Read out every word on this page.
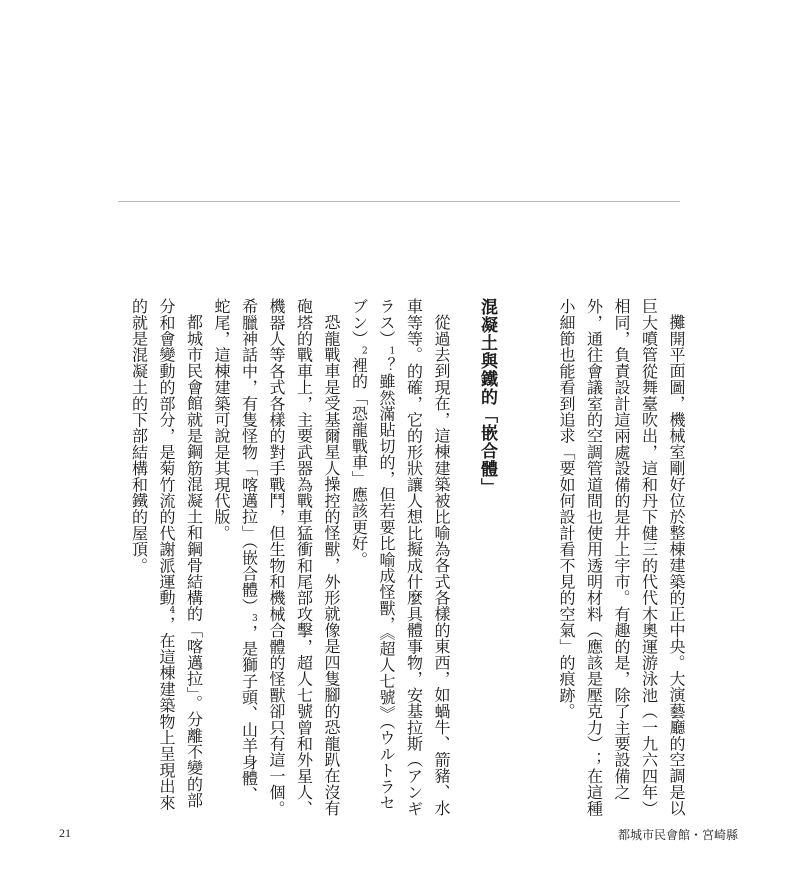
攤開平面圖，機械室剛好位於整棟建築的正中央。大演藝廳的空調是以巨大噴管從舞臺吹出，這和丹下健三的代代木奧運游泳池（一九六四年）相同，負責設計這兩處設備的是井上宇市。有趣的是，除了主要設備之外，通往會議室的空調管道間也使用透明材料（應該是壓克力）；在這種小細節也能看到追求「要如何設計看不見的空氣」的痕跡。

混凝土與鐵的「嵌合體」

從過去到現在，這棟建築被比喻為各式各樣的東西，如蝸牛、箭豬、水車等等。的確，它的形狀讓人想比擬成什麼具體事物，安基拉斯（アンギラス）$^1$？雖然滿貼切的，但若要比喻成怪獸，《超人七號》（ウルトラセブン）$^2$裡的「恐龍戰車」應該更好。

恐龍戰車是受基爾星人操控的怪獸，外形就像是四隻腳的恐龍趴在沒有砲塔的戰車上，主要武器為戰車猛衝和尾部攻擊，超人七號曾和外星人、機器人等各式各樣的對手戰鬥，但生物和機械合體的怪獸卻只有這一個。希臘神話中，有隻怪物「喀邁拉」（嵌合體）$^3$，是獅子頭、山羊身體、蛇尾，這棟建築可說是其現代版。

都城市民會館就是鋼筋混凝土和鋼骨結構的「喀邁拉」。分離不變的部分和會變動的部分，是菊竹流的代謝派運動$^4$，在這棟建築物上呈現出來的就是混凝土的下部結構和鐵的屋頂。

21	都城市民會館・宮崎縣
